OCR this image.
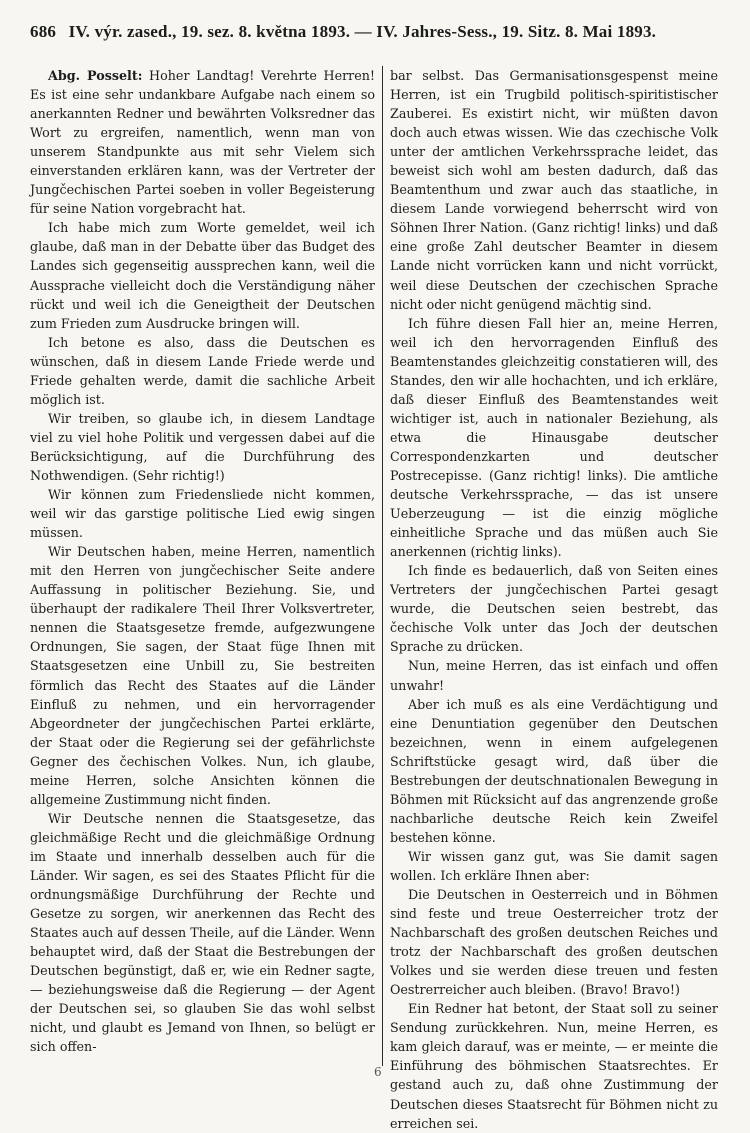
686 IV. výr. zased., 19. sez. 8. května 1893. — IV. Jahres-Sess., 19. Sitz. 8. Mai 1893.

Abg. Posselt: Hoher Landtag! Verehrte Herren! Es ist eine sehr undankbare Aufgabe nach einem so anerkannten Redner und bewährten Volksredner das Wort zu ergreifen, namentlich, wenn man von unserem Standpunkte aus mit sehr Vielem sich einverstanden erklären kann, was der Vertreter der Jungčechischen Partei soeben in voller Begeisterung für seine Nation vorgebracht hat.

Ich habe mich zum Worte gemeldet, weil ich glaube, daß man in der Debatte über das Budget des Landes sich gegenseitig aussprechen kann, weil die Aussprache vielleicht doch die Verständigung näher rückt und weil ich die Geneigtheit der Deutschen zum Frieden zum Ausdrucke bringen will.

Ich betone es also, dass die Deutschen es wünschen, daß in diesem Lande Friede werde und Friede gehalten werde, damit die sachliche Arbeit möglich ist.

Wir treiben, so glaube ich, in diesem Landtage viel zu viel hohe Politik und vergessen dabei auf die Berücksichtigung, auf die Durchführung des Nothwendigen. (Sehr richtig!)

Wir können zum Friedensliede nicht kommen, weil wir das garstige politische Lied ewig singen müssen.

Wir Deutschen haben, meine Herren, namentlich mit den Herren von jungčechischer Seite andere Auffassung in politischer Beziehung. Sie, und überhaupt der radikalere Theil Ihrer Volksvertreter, nennen die Staatsgesetze fremde, aufgezwungene Ordnungen, Sie sagen, der Staat füge Ihnen mit Staatsgesetzen eine Unbill zu, Sie bestreiten förmlich das Recht des Staates auf die Länder Einfluß zu nehmen, und ein hervorragender Abgeordneter der jungčechischen Partei erklärte, der Staat oder die Regierung sei der gefährlichste Gegner des čechischen Volkes. Nun, ich glaube, meine Herren, solche Ansichten können die allgemeine Zustimmung nicht finden.

Wir Deutsche nennen die Staatsgesetze, das gleichmäßige Recht und die gleichmäßige Ordnung im Staate und innerhalb desselben auch für die Länder. Wir sagen, es sei des Staates Pflicht für die ordnungsmäßige Durchführung der Rechte und Gesetze zu sorgen, wir anerkennen das Recht des Staates auch auf dessen Theile, auf die Länder. Wenn behauptet wird, daß der Staat die Bestrebungen der Deutschen begünstigt, daß er, wie ein Redner sagte, — beziehungsweise daß die Regierung — der Agent der Deutschen sei, so glauben Sie das wohl selbst nicht, und glaubt es Jemand von Ihnen, so belügt er sich offen-

bar selbst. Das Germanisationsgespenst meine Herren, ist ein Trugbild politisch-spiritistischer Zauberei. Es existirt nicht, wir müßten davon doch auch etwas wissen. Wie das czechische Volk unter der amtlichen Verkehrssprache leidet, das beweist sich wohl am besten dadurch, daß das Beamtenthum und zwar auch das staatliche, in diesem Lande vorwiegend beherrscht wird von Söhnen Ihrer Nation. (Ganz richtig! links) und daß eine große Zahl deutscher Beamter in diesem Lande nicht vorrücken kann und nicht vorrückt, weil diese Deutschen der czechischen Sprache nicht oder nicht genügend mächtig sind.

Ich führe diesen Fall hier an, meine Herren, weil ich den hervorragenden Einfluß des Beamtenstandes gleichzeitig constatieren will, des Standes, den wir alle hochachten, und ich erkläre, daß dieser Einfluß des Beamtenstandes weit wichtiger ist, auch in nationaler Beziehung, als etwa die Hinausgabe deutscher Correspondenzkarten und deutscher Postrecepisse. (Ganz richtig! links). Die amtliche deutsche Verkehrssprache, — das ist unsere Ueberzeugung — ist die einzig mögliche einheitliche Sprache und das müßen auch Sie anerkennen (richtig links).

Ich finde es bedauerlich, daß von Seiten eines Vertreters der jungčechischen Partei gesagt wurde, die Deutschen seien bestrebt, das čechische Volk unter das Joch der deutschen Sprache zu drücken.

Nun, meine Herren, das ist einfach und offen unwahr!

Aber ich muß es als eine Verdächtigung und eine Denuntiation gegenüber den Deutschen bezeichnen, wenn in einem aufgelegenen Schriftstücke gesagt wird, daß über die Bestrebungen der deutschnationalen Bewegung in Böhmen mit Rücksicht auf das angrenzende große nachbarliche deutsche Reich kein Zweifel bestehen könne.

Wir wissen ganz gut, was Sie damit sagen wollen. Ich erkläre Ihnen aber:

Die Deutschen in Oesterreich und in Böhmen sind feste und treue Oesterreicher trotz der Nachbarschaft des großen deutschen Reiches und trotz der Nachbarschaft des großen deutschen Volkes und sie werden diese treuen und festen Oestrerreicher auch bleiben. (Bravo! Bravo!)

Ein Redner hat betont, der Staat soll zu seiner Sendung zurückkehren. Nun, meine Herren, es kam gleich darauf, was er meinte, — er meinte die Einführung des böhmischen Staatsrechtes. Er gestand auch zu, daß ohne Zustimmung der Deutschen dieses Staatsrecht für Böhmen nicht zu erreichen sei.

6
